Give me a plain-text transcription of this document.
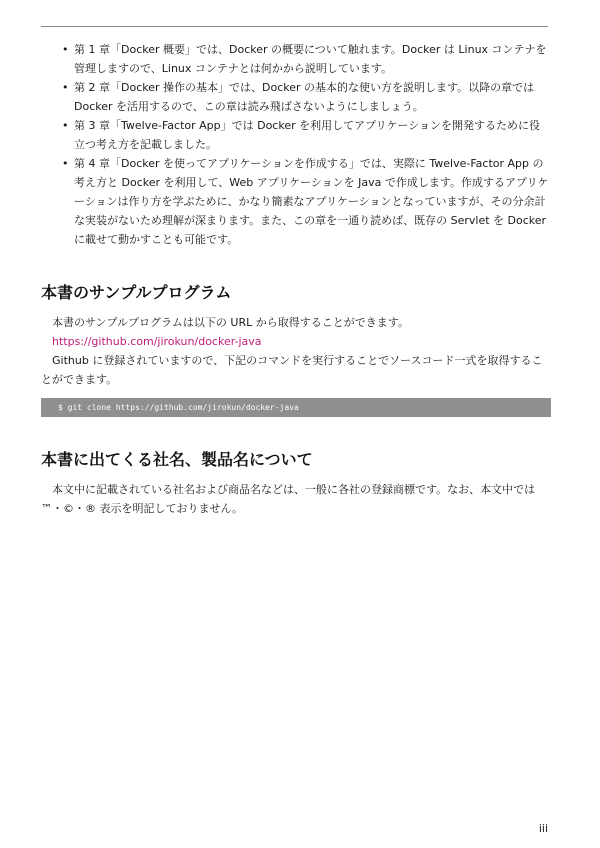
• 第 1 章「Docker 概要」では、Docker の概要について触れます。Docker は Linux コンテナを管理しますので、Linux コンテナとは何かから説明しています。
• 第 2 章「Docker 操作の基本」では、Docker の基本的な使い方を説明します。以降の章では Docker を活用するので、この章は読み飛ばさないようにしましょう。
• 第 3 章「Twelve-Factor App」では Docker を利用してアプリケーションを開発するために役立つ考え方を記載しました。
• 第 4 章「Docker を使ってアプリケーションを作成する」では、実際に Twelve-Factor App の考え方と Docker を利用して、Web アプリケーションを Java で作成します。作成するアプリケーションは作り方を学ぶために、かなり簡素なアプリケーションとなっていますが、その分余計な実装がないため理解が深まります。また、この章を一通り読めば、既存の Servlet を Docker に載せて動かすことも可能です。
本書のサンプルプログラム

本書のサンプルプログラムは以下の URL から取得することができます。

https://github.com/jirokun/docker-java

Github に登録されていますので、下記のコマンドを実行することでソースコード一式を取得することができます。

$ git clone https://github.com/jirokun/docker-java
本書に出てくる社名、製品名について

本文中に記載されている社名および商品名などは、一般に各社の登録商標です。なお、本文中では ™・©・® 表示を明記しておりません。

iii
